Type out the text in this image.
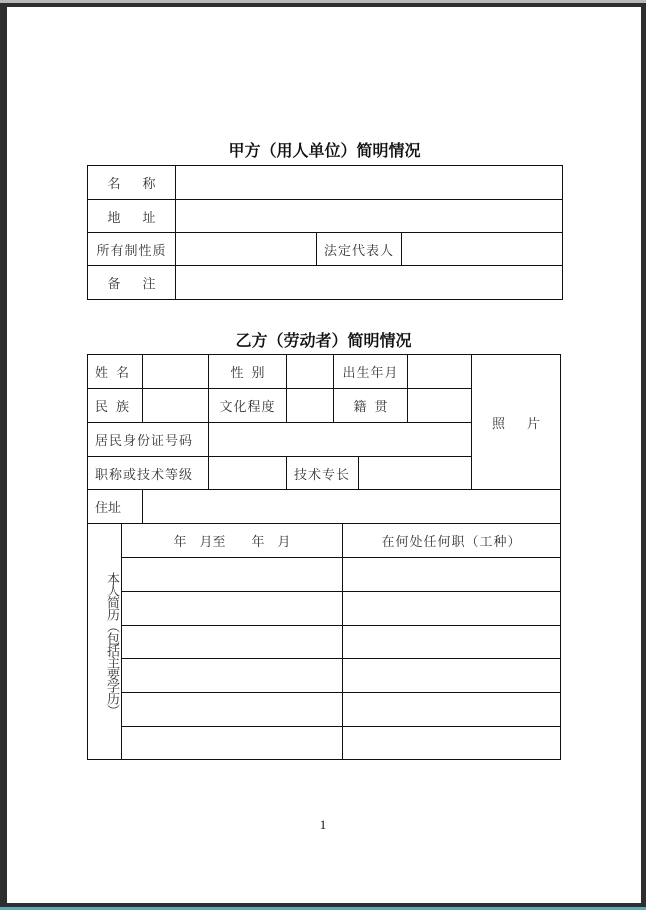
甲方（用人单位）简明情况
名称
地址
所有制性质	法定代表人
备注
乙方（劳动者）简明情况
姓名	性别	出生年月
照片
民族	文化程度	籍贯
居民身份证号码
职称或技术等级	技术专长
住址
本人简历（包括主要学历）
年　月至　　年　月	在何处任何职（工种）
1
